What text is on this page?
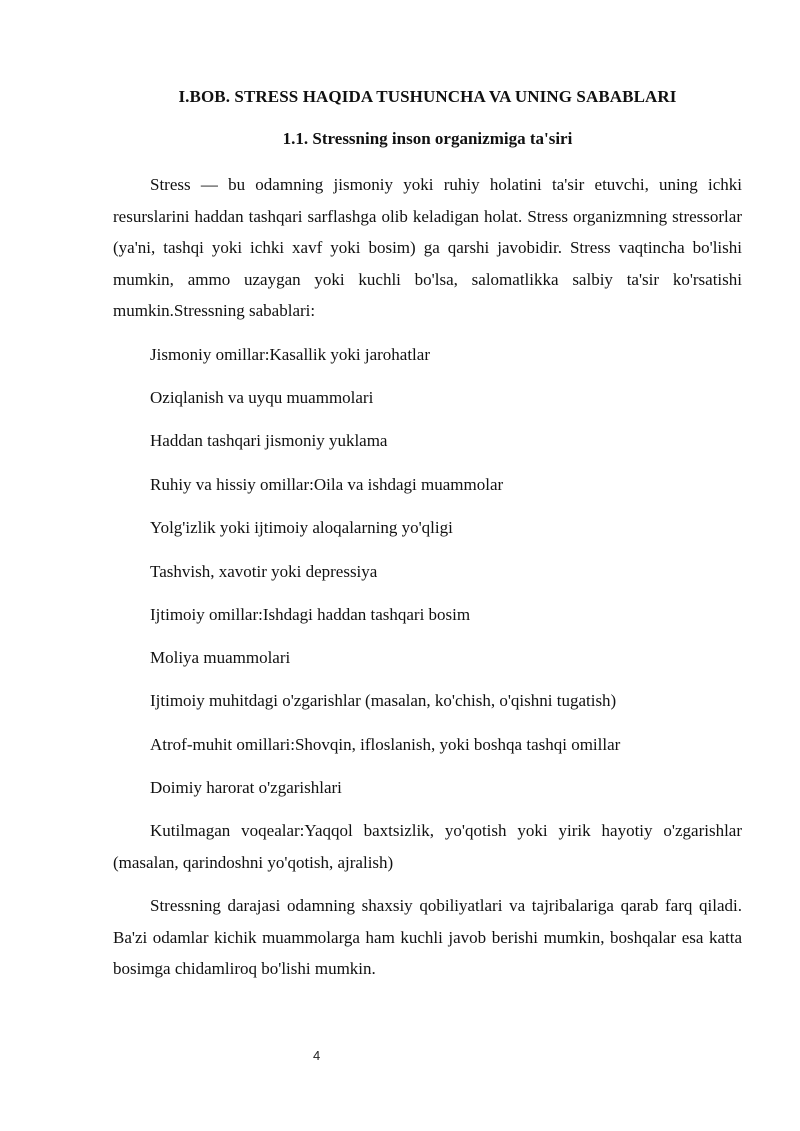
I.BOB. STRESS HAQIDA TUSHUNCHA VA UNING SABABLARI
1.1. Stressning inson organizmiga ta'siri

Stress — bu odamning jismoniy yoki ruhiy holatini ta'sir etuvchi, uning ichki resurslarini haddan tashqari sarflashga olib keladigan holat. Stress organizmning stressorlar (ya'ni, tashqi yoki ichki xavf yoki bosim) ga qarshi javobidir. Stress vaqtincha bo'lishi mumkin, ammo uzaygan yoki kuchli bo'lsa, salomatlikka salbiy ta'sir ko'rsatishi mumkin.Stressning sabablari:

Jismoniy omillar:Kasallik yoki jarohatlar
Oziqlanish va uyqu muammolari
Haddan tashqari jismoniy yuklama
Ruhiy va hissiy omillar:Oila va ishdagi muammolar
Yolg'izlik yoki ijtimoiy aloqalarning yo'qligi
Tashvish, xavotir yoki depressiya
Ijtimoiy omillar:Ishdagi haddan tashqari bosim
Moliya muammolari
Ijtimoiy muhitdagi o'zgarishlar (masalan, ko'chish, o'qishni tugatish)
Atrof-muhit omillari:Shovqin, ifloslanish, yoki boshqa tashqi omillar
Doimiy harorat o'zgarishlari

Kutilmagan voqealar:Yaqqol baxtsizlik, yo'qotish yoki yirik hayotiy o'zgarishlar (masalan, qarindoshni yo'qotish, ajralish)

Stressning darajasi odamning shaxsiy qobiliyatlari va tajribalariga qarab farq qiladi. Ba'zi odamlar kichik muammolarga ham kuchli javob berishi mumkin, boshqalar esa katta bosimga chidamliroq bo'lishi mumkin.

4
